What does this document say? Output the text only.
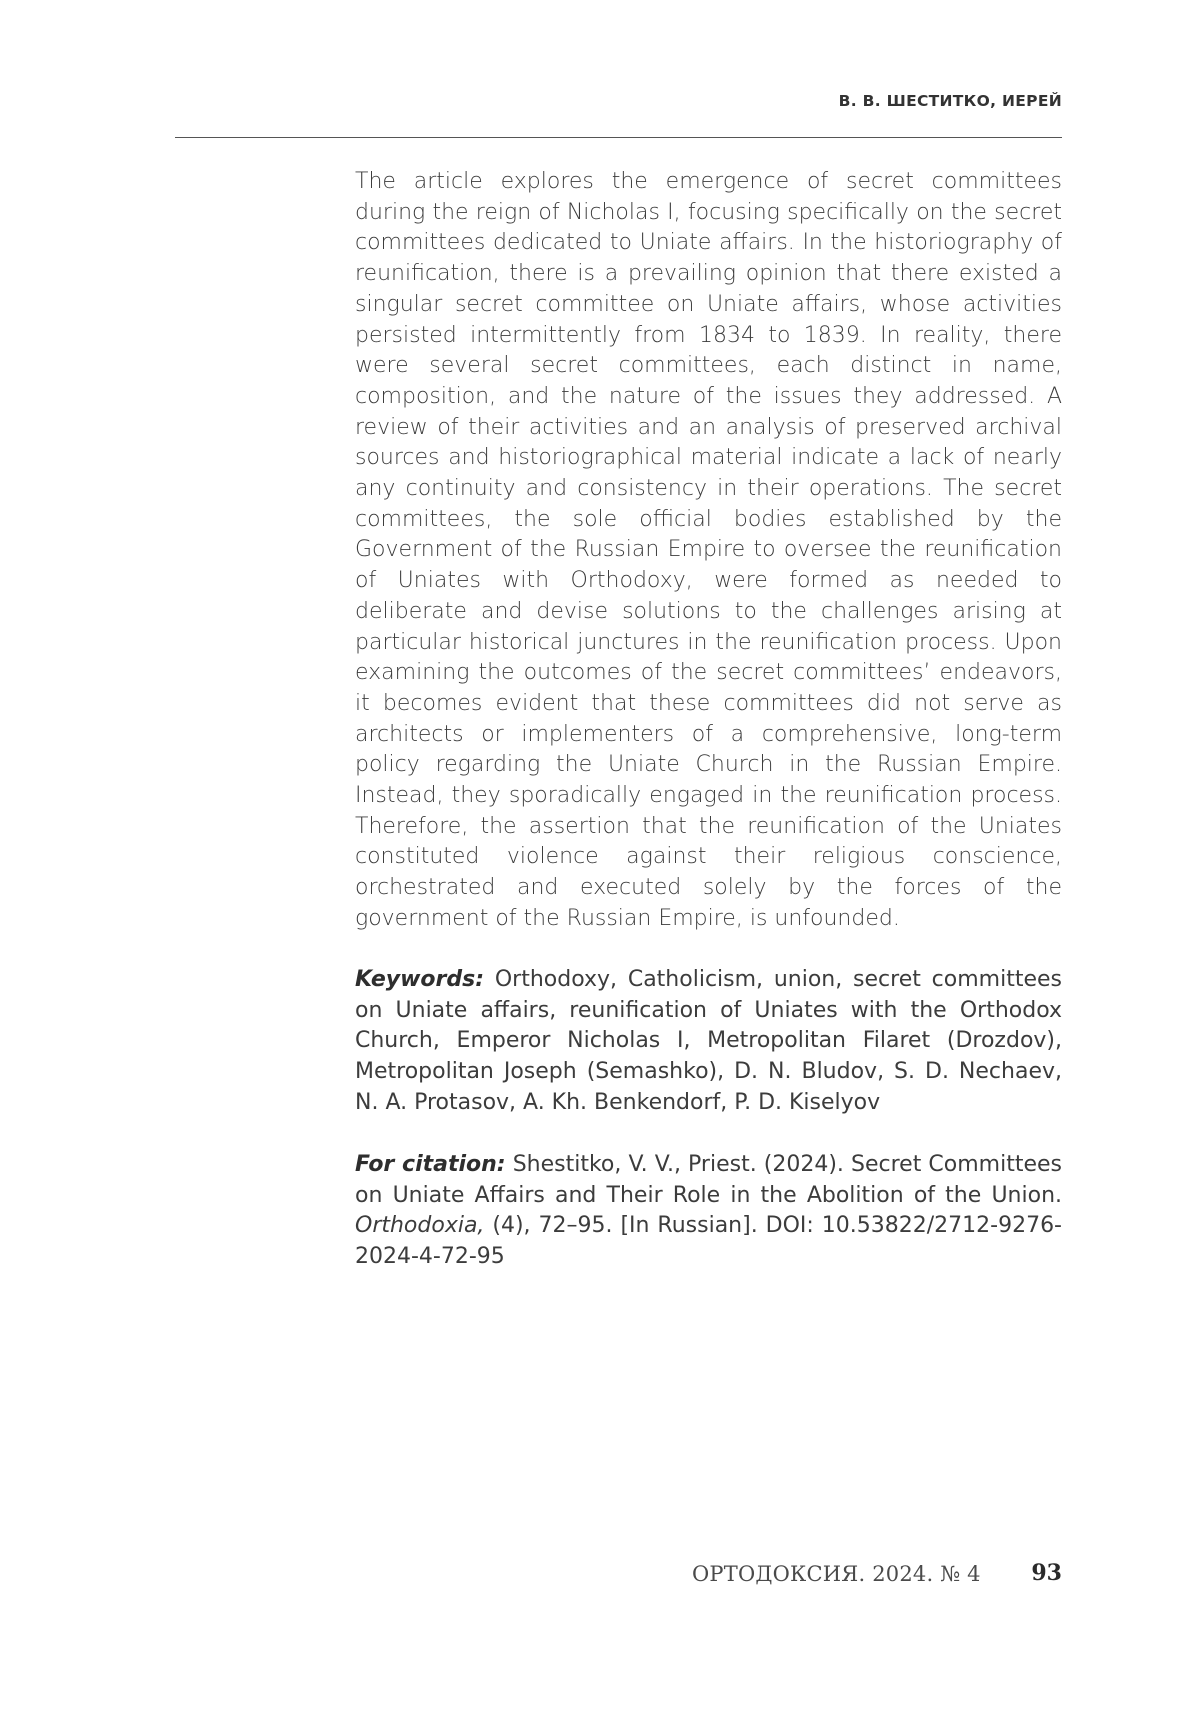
В. В. ШЕСТИТКО, ИЕРЕЙ

The article explores the emergence of secret committees during the reign of Nicholas I, focusing specifically on the secret committees dedicated to Uniate affairs. In the historiography of reunification, there is a prevailing opinion that there existed a singular secret committee on Uniate affairs, whose activities persisted intermittently from 1834 to 1839. In reality, there were several secret committees, each distinct in name, composition, and the nature of the issues they addressed. A review of their activities and an analysis of preserved archival sources and historiographical material indicate a lack of nearly any continuity and consistency in their operations. The secret committees, the sole official bodies established by the Government of the Russian Empire to oversee the reunification of Uniates with Orthodoxy, were formed as needed to deliberate and devise solutions to the challenges arising at particular historical junctures in the reunification process. Upon examining the outcomes of the secret committees’ endeavors, it becomes evident that these committees did not serve as architects or implementers of a comprehensive, long-term policy regarding the Uniate Church in the Russian Empire. Instead, they sporadically engaged in the reunification process. Therefore, the assertion that the reunification of the Uniates constituted violence against their religious conscience, orchestrated and executed solely by the forces of the government of the Russian Empire, is unfounded.

Keywords: Orthodoxy, Catholicism, union, secret committees on Uniate affairs, reunification of Uniates with the Orthodox Church, Emperor Nicholas I, Metropolitan Filaret (Drozdov), Metropolitan Joseph (Semashko), D. N. Bludov, S. D. Nechaev, N. A. Protasov, A. Kh. Benkendorf, P. D. Kiselyov

For citation: Shestitko, V. V., Priest. (2024). Secret Committees on Uniate Affairs and Their Role in the Abolition of the Union. Orthodoxia, (4), 72–95. [In Russian]. DOI: 10.53822/2712-9276-2024-4-72-95

ОРТОДОКСИЯ. 2024. № 4 93
